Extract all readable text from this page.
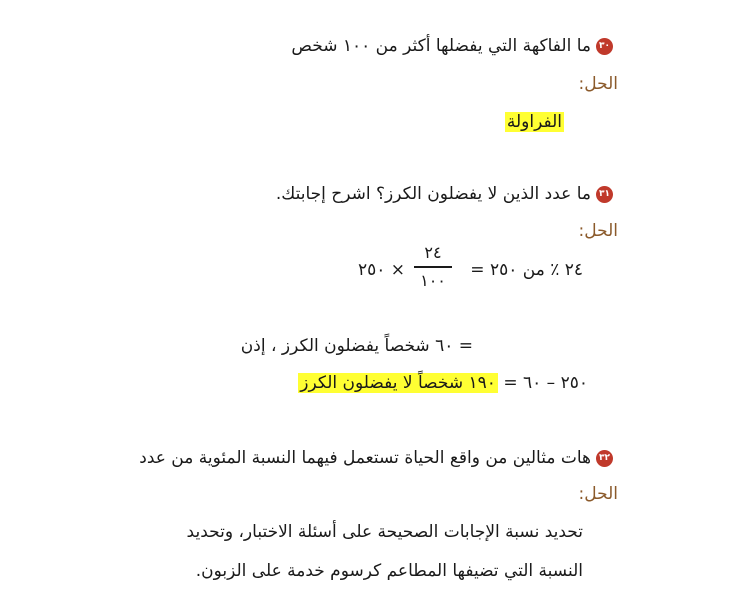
٣٠ما الفاكهة التي يفضلها أكثر من ١٠٠ شخص
الحل:
الفراولة
٣١ما عدد الذين لا يفضلون الكرز؟ اشرح إجابتك.
الحل:
٢٤ ٪ من ٢٥٠ =
٢٤
١٠٠
× ٢٥٠
= ٦٠ شخصاً يفضلون الكرز ، إذن
٢٥٠ – ٦٠ = ١٩٠ شخصاً لا يفضلون الكرز
٣٢هات مثالين من واقع الحياة تستعمل فيهما النسبة المئوية من عدد
الحل:
تحديد نسبة الإجابات الصحيحة على أسئلة الاختبار، وتحديد
النسبة التي تضيفها المطاعم كرسوم خدمة على الزبون.
